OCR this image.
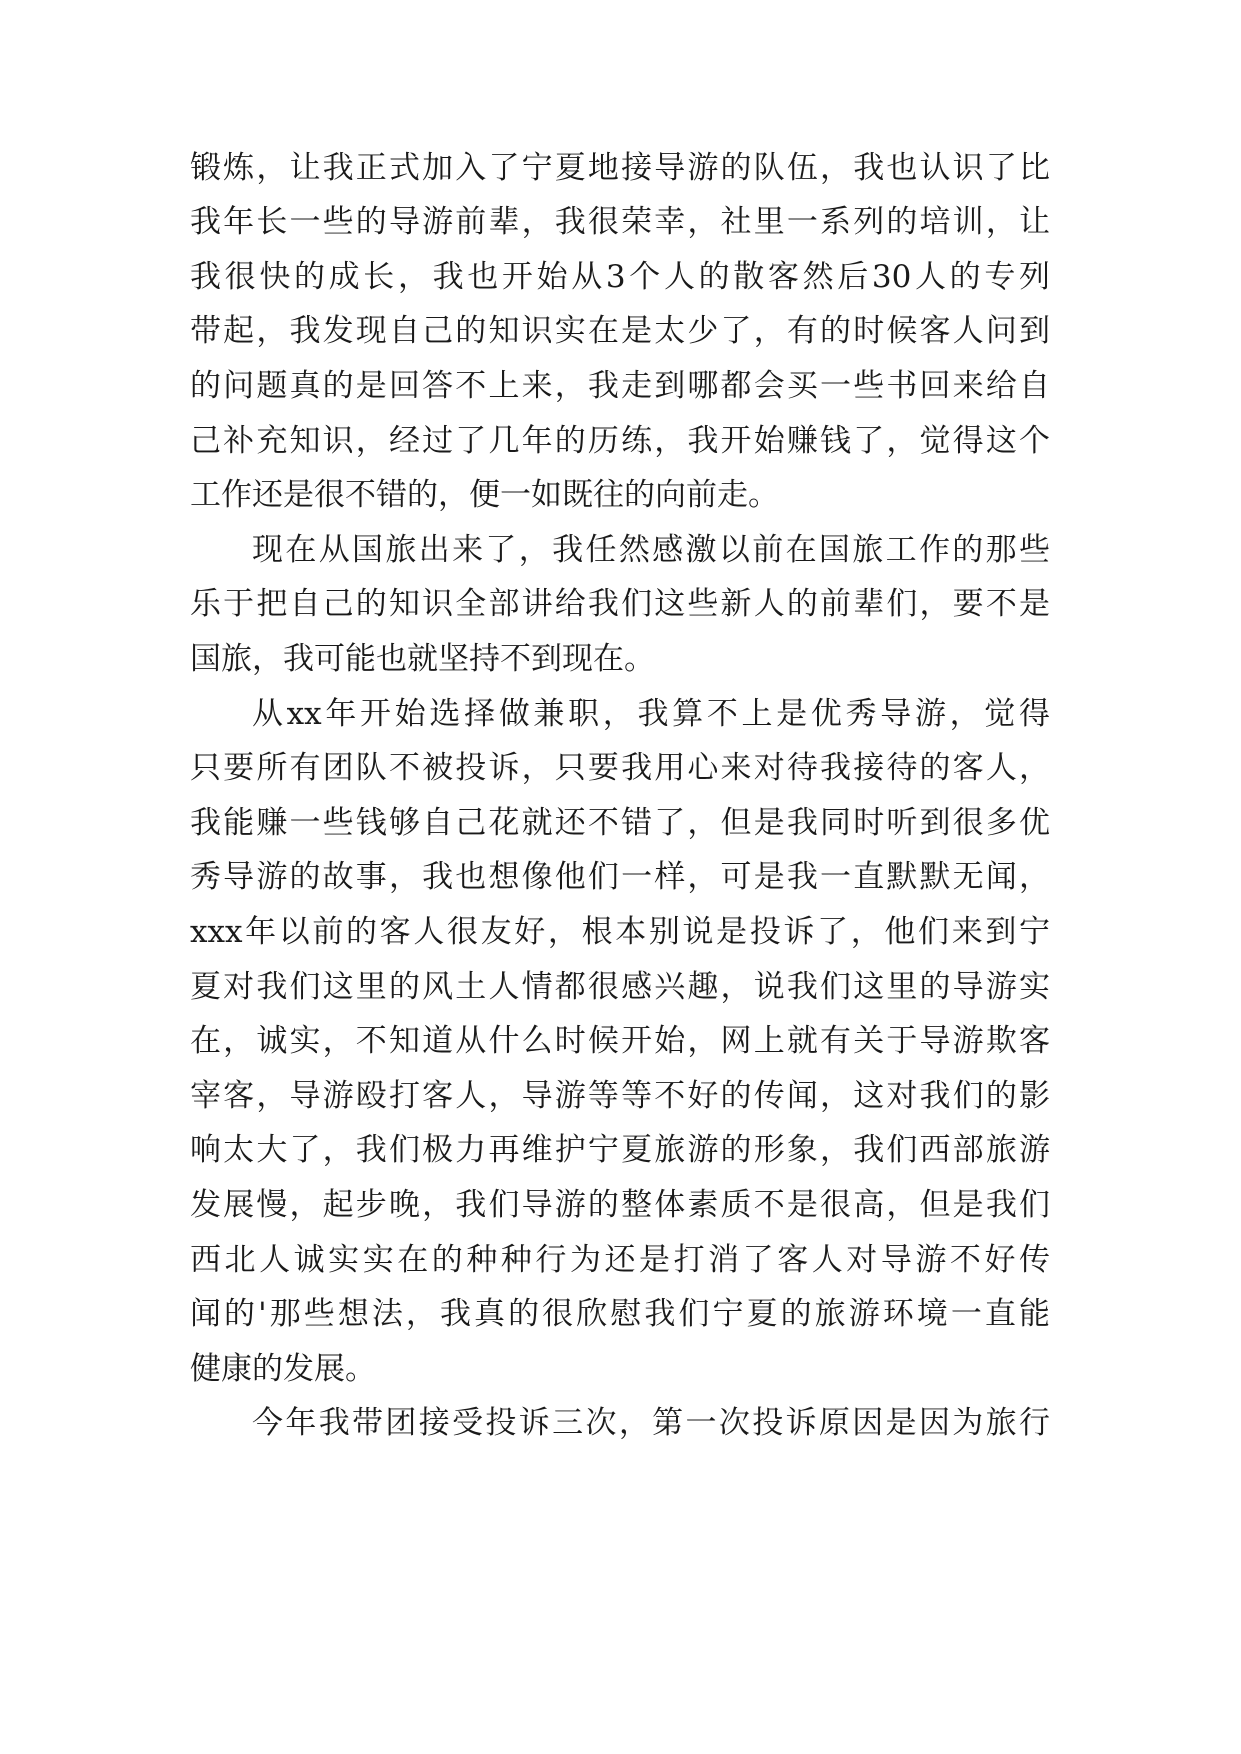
锻炼，让我正式加入了宁夏地接导游的队伍，我也认识了比
我年长一些的导游前辈，我很荣幸，社里一系列的培训，让
我很快的成长，我也开始从3个人的散客然后30人的专列
带起，我发现自己的知识实在是太少了，有的时候客人问到
的问题真的是回答不上来，我走到哪都会买一些书回来给自
己补充知识，经过了几年的历练，我开始赚钱了，觉得这个
工作还是很不错的，便一如既往的向前走。
现在从国旅出来了，我任然感激以前在国旅工作的那些
乐于把自己的知识全部讲给我们这些新人的前辈们，要不是
国旅，我可能也就坚持不到现在。
从xx年开始选择做兼职，我算不上是优秀导游，觉得
只要所有团队不被投诉，只要我用心来对待我接待的客人，
我能赚一些钱够自己花就还不错了，但是我同时听到很多优
秀导游的故事，我也想像他们一样，可是我一直默默无闻，
xxx年以前的客人很友好，根本别说是投诉了，他们来到宁
夏对我们这里的风土人情都很感兴趣，说我们这里的导游实
在，诚实，不知道从什么时候开始，网上就有关于导游欺客
宰客，导游殴打客人，导游等等不好的传闻，这对我们的影
响太大了，我们极力再维护宁夏旅游的形象，我们西部旅游
发展慢，起步晚，我们导游的整体素质不是很高，但是我们
西北人诚实实在的种种行为还是打消了客人对导游不好传
闻的'那些想法，我真的很欣慰我们宁夏的旅游环境一直能
健康的发展。
今年我带团接受投诉三次，第一次投诉原因是因为旅行
